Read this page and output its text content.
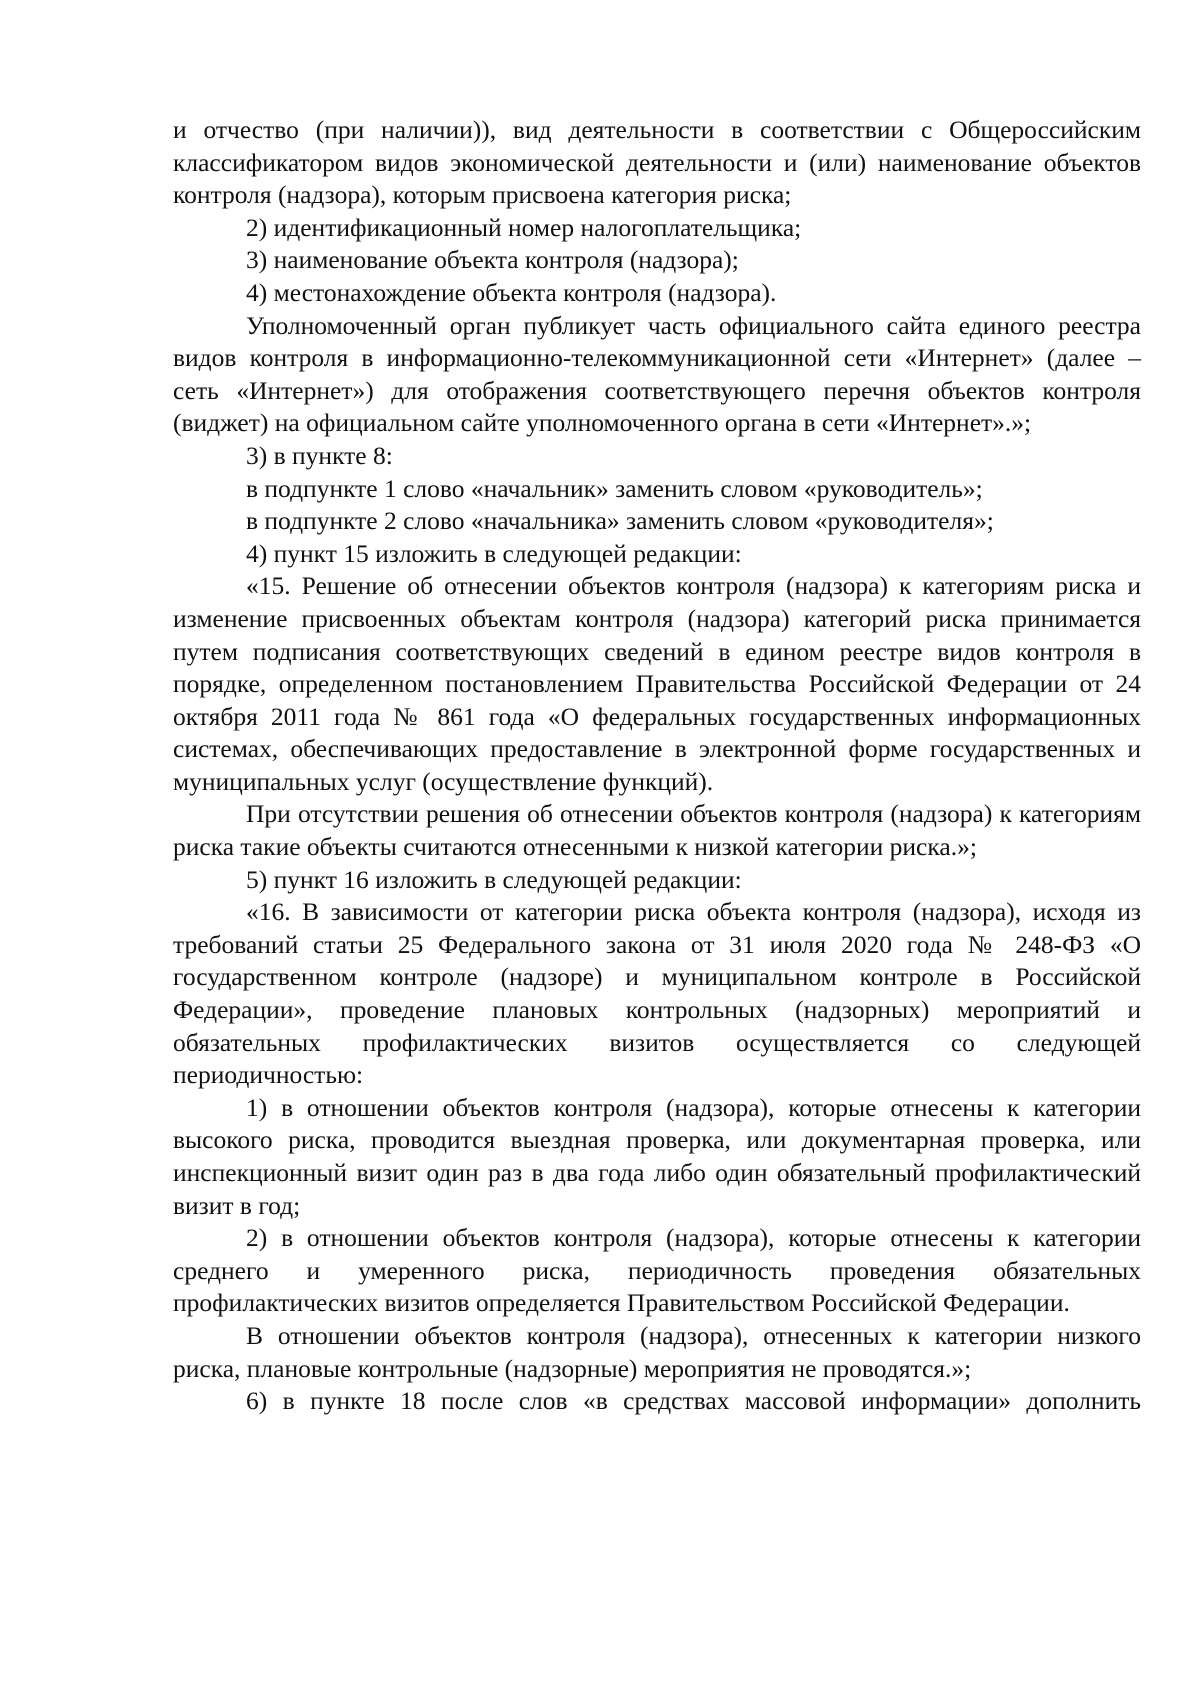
и отчество (при наличии)), вид деятельности в соответствии с Общероссийским классификатором видов экономической деятельности и (или) наименование объектов контроля (надзора), которым присвоена категория риска;

2) идентификационный номер налогоплательщика;

3) наименование объекта контроля (надзора);

4) местонахождение объекта контроля (надзора).

Уполномоченный орган публикует часть официального сайта единого реестра видов контроля в информационно-телекоммуникационной сети «Интернет» (далее – сеть «Интернет») для отображения соответствующего перечня объектов контроля (виджет) на официальном сайте уполномоченного органа в сети «Интернет».»;

3) в пункте 8:

в подпункте 1 слово «начальник» заменить словом «руководитель»;

в подпункте 2 слово «начальника» заменить словом «руководителя»;

4) пункт 15 изложить в следующей редакции:

«15. Решение об отнесении объектов контроля (надзора) к категориям риска и изменение присвоенных объектам контроля (надзора) категорий риска принимается путем подписания соответствующих сведений в едином реестре видов контроля в порядке, определенном постановлением Правительства Российской Федерации от 24 октября 2011 года № 861 года «О федеральных государственных информационных системах, обеспечивающих предоставление в электронной форме государственных и муниципальных услуг (осуществление функций).

При отсутствии решения об отнесении объектов контроля (надзора) к категориям риска такие объекты считаются отнесенными к низкой категории риска.»;

5) пункт 16 изложить в следующей редакции:

«16. В зависимости от категории риска объекта контроля (надзора), исходя из требований статьи 25 Федерального закона от 31 июля 2020 года № 248-ФЗ «О государственном контроле (надзоре) и муниципальном контроле в Российской Федерации», проведение плановых контрольных (надзорных) мероприятий и обязательных профилактических визитов осуществляется со следующей периодичностью:

1) в отношении объектов контроля (надзора), которые отнесены к категории высокого риска, проводится выездная проверка, или документарная проверка, или инспекционный визит один раз в два года либо один обязательный профилактический визит в год;

2) в отношении объектов контроля (надзора), которые отнесены к категории среднего и умеренного риска, периодичность проведения обязательных профилактических визитов определяется Правительством Российской Федерации.

В отношении объектов контроля (надзора), отнесенных к категории низкого риска, плановые контрольные (надзорные) мероприятия не проводятся.»;

6) в пункте 18 после слов «в средствах массовой информации» дополнить
